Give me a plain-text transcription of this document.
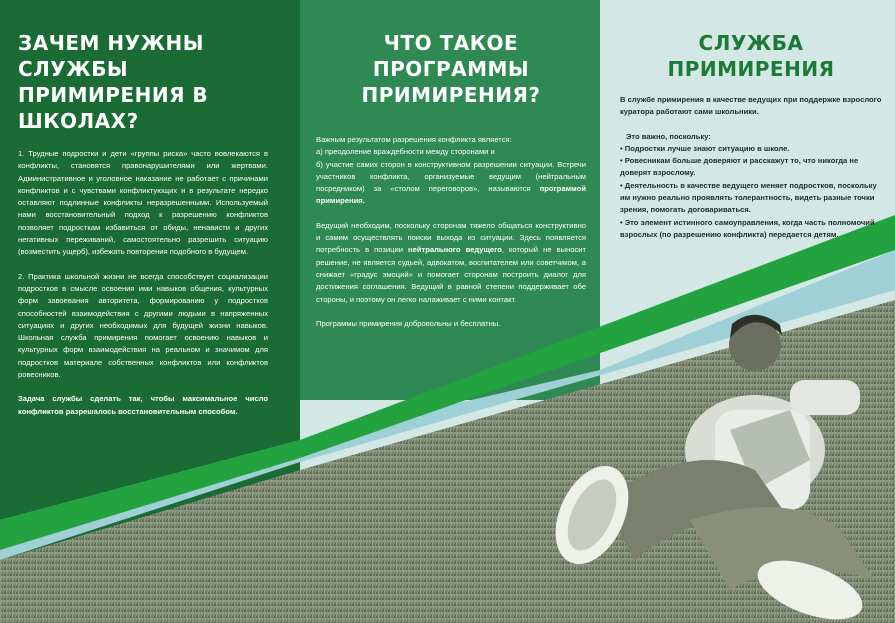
ЗАЧЕМ НУЖНЫ СЛУЖБЫ ПРИМИРЕНИЯ В ШКОЛАХ?

1. Трудные подростки и дети «группы риска» часто вовлекаются в конфликты, становятся правонарушителями или жертвами. Административное и уголовное наказание не работает с причинами конфликтов и с чувствами конфликтующих и в результате нередко оставляют подлинные конфликты неразрешенными. Используемый нами восстановительный подход к разрешению конфликтов позволяет подросткам избавиться от обиды, ненависти и других негативных переживаний, самостоятельно разрешить ситуацию (возместить ущерб), избежать повторения подобного в будущем.

2. Практика школьной жизни не всегда способствует социализации подростков в смысле освоения ими навыков общения, культурных форм завоевания авторитета, формированию у подростков способностей взаимодействия с другими людьми в напряженных ситуациях и других необходимых для будущей жизни навыков. Школьная служба примирения помогает освоению навыков и культурных форм взаимодействия на реальном и значимом для подростков материале собственных конфликтов или конфликтов ровесников.

Задача службы сделать так, чтобы максимальное число конфликтов разрешалось восстановительным способом.

ЧТО ТАКОЕ ПРОГРАММЫ ПРИМИРЕНИЯ?

Важным результатом разрешения конфликта является:
а) преодоление враждебности между сторонами и
б) участие самих сторон в конструктивном разрешении ситуации. Встречи участников конфликта, организуемые ведущим (нейтральным посредником) за «столом переговоров», называются программой примирения.

Ведущий необходим, поскольку сторонам тяжело общаться конструктивно и самим осуществлять поиски выхода из ситуации. Здесь появляется потребность в позиции нейтрального ведущего, который не выносит решение, не является судьей, адвокатом, воспитателем или советчиком, а снижает «градус эмоций» и помогает сторонам построить диалог для достижения соглашения. Ведущий в равной степени поддерживает обе стороны, и поэтому он легко налаживает с ними контакт.

Программы примирения добровольны и бесплатны.

СЛУЖБА ПРИМИРЕНИЯ

В службе примирения в качестве ведущих при поддержке взрослого куратора работают сами школьники.

Это важно, поскольку:

• Подростки лучше знают ситуацию в школе.

• Ровесникам больше доверяют и расскажут то, что никогда не доверят взрослому.

• Деятельность в качестве ведущего меняет подростков, поскольку им нужно реально проявлять толерантность, видеть разные точки зрения, помогать договариваться.

• Это элемент истинного самоуправления, когда часть полномочий взрослых (по разрешению конфликта) передается детям.
